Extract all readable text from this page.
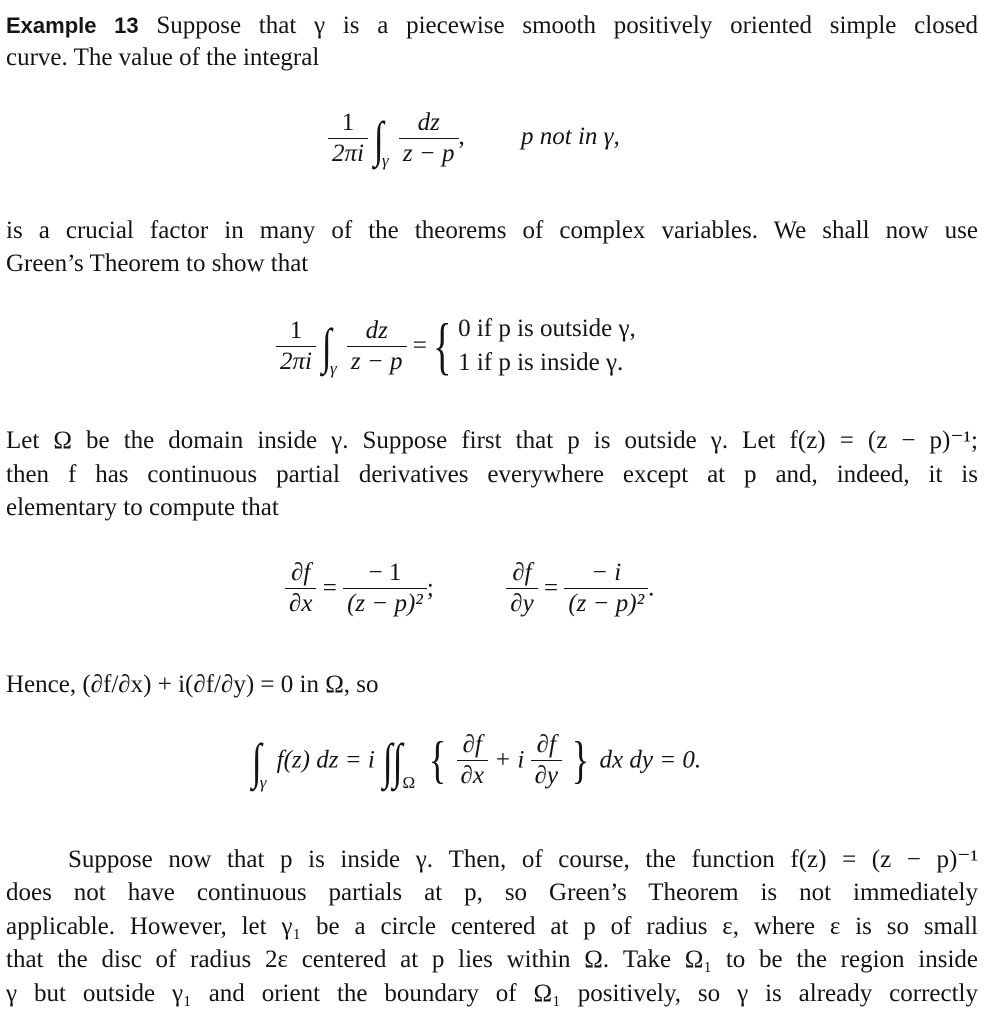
Example 13 Suppose that γ is a piecewise smooth positively oriented simple closed
curve. The value of the integral
$\frac{1}{2\pi i} \int\gamma \frac{dz}{z - p}$ , p not in γ,
is a crucial factor in many of the theorems of complex variables. We shall now use
Green’s Theorem to show that
$\frac{1}{2\pi i} \int\gamma \frac{dz}{z - p}$ = { 0 if p is outside γ,
1 if p is inside γ.
Let Ω be the domain inside γ. Suppose first that p is outside γ. Let f(z) = (z − p)⁻¹;
then f has continuous partial derivatives everywhere except at p and, indeed, it is
elementary to compute that
$\frac{\partial f}{\partial x} = \frac{- 1}{\text{(z − p)²}}$ ;	$\frac{\partial f}{\partial y} = \frac{- i}{\text{(z − p)²}}$ .
Hence, (∂f/∂x) + i(∂f/∂y) = 0 in Ω, so
∫γ f(z) dz = i ∫∫Ω { $\frac{\partial f}{\partial x} + i \frac{\partial f}{\partial y}$ } dx dy = 0.
Suppose now that p is inside γ. Then, of course, the function f(z) = (z − p)⁻¹
does not have continuous partials at p, so Green’s Theorem is not immediately
applicable. However, let γ₁ be a circle centered at p of radius ε, where ε is so small
that the disc of radius 2ε centered at p lies within Ω. Take Ω₁ to be the region inside
γ but outside γ₁ and orient the boundary of Ω₁ positively, so γ is already correctly
